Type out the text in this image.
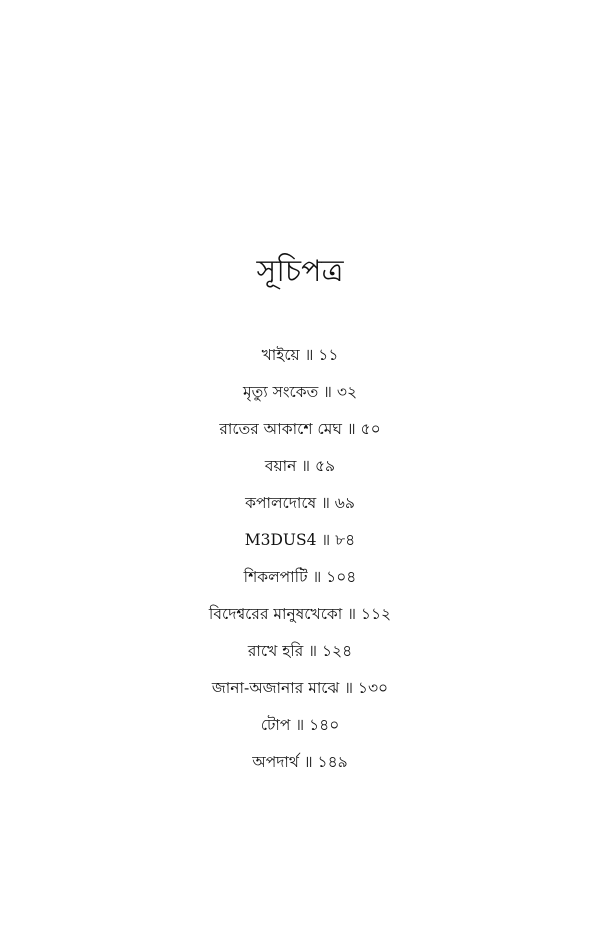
সূচিপত্র
খাইয়ে ॥ ১১
মৃত্যু সংকেত ॥ ৩২
রাতের আকাশে মেঘ ॥ ৫০
বয়ান ॥ ৫৯
কপালদোষে ॥ ৬৯
M3DUS4 ॥ ৮৪
শিকলপাটি ॥ ১০৪
বিদেশ্বরের মানুষখেকো ॥ ১১২
রাখে হরি ॥ ১২৪
জানা-অজানার মাঝে ॥ ১৩০
টোপ ॥ ১৪০
অপদার্থ ॥ ১৪৯
